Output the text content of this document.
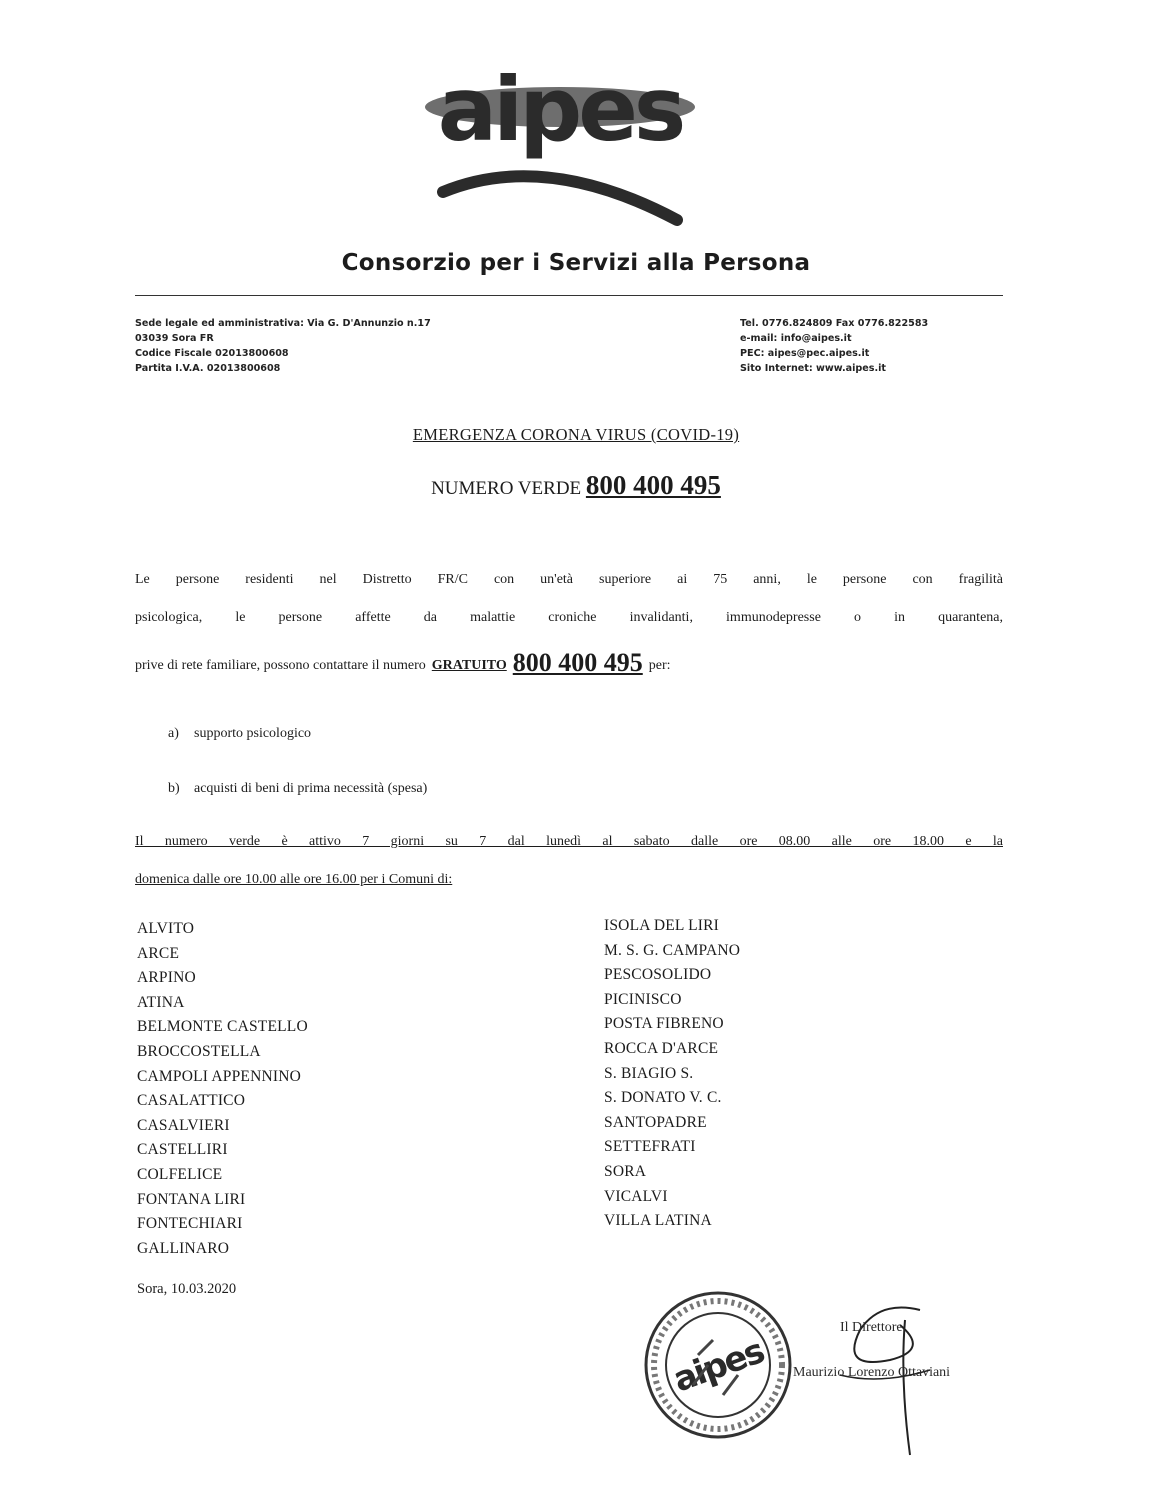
aipes
Consorzio per i Servizi alla Persona
Sede legale ed amministrativa: Via G. D'Annunzio n.17
03039 Sora FR
Codice Fiscale 02013800608
Partita I.V.A. 02013800608
Tel. 0776.824809 Fax 0776.822583
e-mail: info@aipes.it
PEC: aipes@pec.aipes.it
Sito Internet: www.aipes.it
EMERGENZA CORONA VIRUS (COVID-19)
NUMERO VERDE 800 400 495
Le persone residenti nel Distretto FR/C con un'età superiore ai 75 anni, le persone con fragilità
psicologica, le persone affette da malattie croniche invalidanti, immunodepresse o in quarantena,
prive di rete familiare, possono contattare il numero GRATUITO 800 400 495 per:
a) supporto psicologico
b) acquisti di beni di prima necessità (spesa)
Il numero verde è attivo 7 giorni su 7 dal lunedì al sabato dalle ore 08.00 alle ore 18.00 e la
domenica dalle ore 10.00 alle ore 16.00 per i Comuni di:
ALVITO
ARCE
ARPINO
ATINA
BELMONTE CASTELLO
BROCCOSTELLA
CAMPOLI APPENNINO
CASALATTICO
CASALVIERI
CASTELLIRI
COLFELICE
FONTANA LIRI
FONTECHIARI
GALLINARO
ISOLA DEL LIRI
M. S. G. CAMPANO
PESCOSOLIDO
PICINISCO
POSTA FIBRENO
ROCCA D'ARCE
S. BIAGIO S.
S. DONATO V. C.
SANTOPADRE
SETTEFRATI
SORA
VICALVI
VILLA LATINA
Sora, 10.03.2020
aipes
Il Direttore
Maurizio Lorenzo Ottaviani
